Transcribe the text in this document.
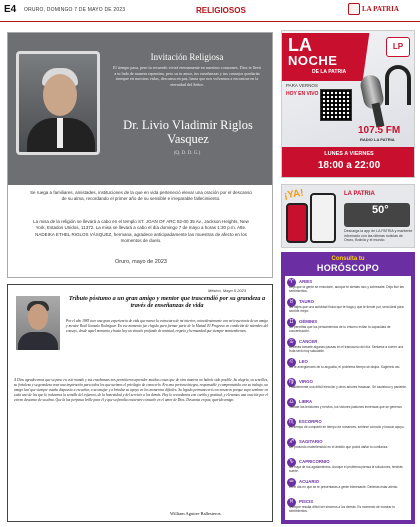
E4 ORURO, DOMINGO 7 DE MAYO DE 2023	RELIGIOSOS	LA PATRIA
Invitación Religiosa
El tiempo pasa, pero tu recuerdo vivirá eternamente en nuestros corazones. Dios te llevó a tu lado de manera repentina, pero su tu amor, tus enseñanzas y tus consejos quedarán siempre en nuestras vidas, descansa en paz, hasta que nos volvamos a encontrar en la eternidad del Señor.
Dr. Livio Vladimir Riglos Vasquez
(Q. D. D. G.)
Se ruega a familiares, amistades, instituciones de la que en vida perteneció elevar una oración por el descanso de su alma, recordando el primer año de su sensible e irreparable fallecimiento.
La misa de la religión se llevará a cabo en el templo ST. JOAN OF ARC 82-00 35 Av., Jackson Heights, New York, Estados Unidos, 11372. La misa se llevará a cabo el día domingo 7 de mayo a horas 1:30 p.m. Atte. NADEIKA ETHEL RIGLOS VÁSQUEZ, hermana, agradece anticipadamente las muestras de afecto en los momentos de duelo.
Oruro, mayo de 2023
México, Mayo 5 2023
Tributo póstumo a un gran amigo y mentor que trascendió por su grandeza a través de enseñanzas de vida
Por el año 1985 tuve una gran experiencia de vida que marco la estructura de mi interior, coincidentemente con mi trayectoria de un amigo y mentor Raúl Gonzalo Rodríguez. En ese momento fue elegido para formar parte de la Mutual El Progreso en condición de miembro del consejo, desde aquel momento y hasta hoy un vínculo profundo de amistad, respeto y hermandad que siempre mantendremos.
A Dios agradecemos que su paso en este mundo y sus enseñanzas nos permitieron aprender muchas cosas que de otra manera no habría sido posible. Su alegría, su sencillez, su fortaleza y su grandeza eran una inspiración para todos los que tuvimos el privilegio de conocerlo. Era una persona íntegra, responsable y comprometida con su trabajo, un amigo leal que siempre estaba dispuesto a escuchar, a aconsejar y a brindar su apoyo en los momentos difíciles. Su legado permanecerá con nosotros porque supo sembrar en cada uno de los que lo rodeamos la semilla del esfuerzo, de la honestidad y del servicio a los demás. Hoy lo recordamos con cariño y gratitud, y elevamos una oración por el eterno descanso de su alma. Que la luz perpetua brille para él y que su familia encuentre consuelo en el amor de Dios. Descansa en paz, querido amigo.
William Aguirre Ballesteros.
LA
NOCHE
DE LA PATRIA
LP
PARA VERNOS
HOY EN VIVO
107.5 FM
RADIO LA PATRIA
LUNES A VIERNES
18:00 a 22:00
¡YA!	LA PATRIA
50°
Descarga la app de LA PATRIA y mantente informado con las últimas noticias de Oruro, Bolivia y el mundo.
Consulta tu
HORÓSCOPO
♈	ARIES
Deja que la gente se emocione, aunque te sientas raro y sobresalte. Deja fluir las sentimientos.
♉	TAURO
No dejes que una actividad física que te haga y que te tiende por, será ideal para sentirte mejor.
♊	GÉMINIS
No permitas que los pensamientos de tu entorno evitan tu capacidad de concentración.
♋	CÁNCER
Deberás tomarte algunas pausas en el transcurso del día. Sentarse a comer una fruta será muy saludable.
♌	LEO
No te avergüences de tu angustia, el problema tiempo se disipa. Sugiérelo así.
♍	VIRGO
Posiblemente una difícil elección y otros amores fracasan. Se cauteloso y paciente.
♎	LIBRA
Tomate las tensiones y nervios, los victores pasiones inmensas que se generan.
♏	ESCORPIO
Es tiempo de compartir en tiempo de romances, sentirse cómodo y buscar apoyo.
♐	SAGITARIO
Un profundo malentendido en el ámbito que podrá dañar tu confianza.
♑	CAPRICORNIO
No huya de tus agotamientos. Aunque el problema piensa la soluciones, tendrás suerte.
♒	ACUARIO
Es el día en que se te presentarás a gente interesante. Deberás estar atento.
♓	PISCIS
Siempre resulta difícil ser sinceros a los demás. Es momento de mostrar tu sentimientos.
